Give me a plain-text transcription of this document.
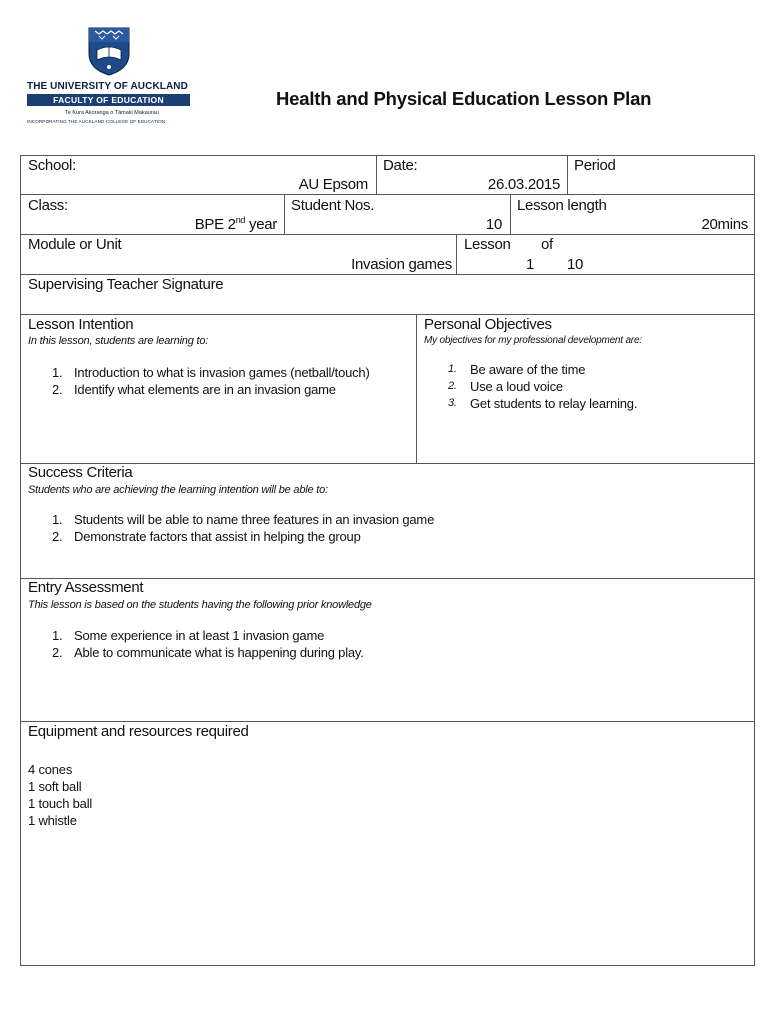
THE UNIVERSITY OF AUCKLAND
FACULTY OF EDUCATION
Te Kura Akoranga o Tāmaki Makaurau
INCORPORATING THE AUCKLAND COLLEGE OF EDUCATION
Health and Physical Education Lesson Plan
School:
AU Epsom
Date:
26.03.2015
Period
Class:
BPE 2nd year
Student Nos.
10
Lesson length
20mins
Module or Unit
Invasion games
Lesson of
1 10
Supervising Teacher Signature
Lesson Intention
In this lesson, students are learning to:
1. Introduction to what is invasion games (netball/touch)
2. Identify what elements are in an invasion game
Personal Objectives
My objectives for my professional development are:
1. Be aware of the time
2. Use a loud voice
3. Get students to relay learning.
Success Criteria
Students who are achieving the learning intention will be able to:
1. Students will be able to name three features in an invasion game
2. Demonstrate factors that assist in helping the group
Entry Assessment
This lesson is based on the students having the following prior knowledge
1. Some experience in at least 1 invasion game
2. Able to communicate what is happening during play.
Equipment and resources required
4 cones
1 soft ball
1 touch ball
1 whistle
